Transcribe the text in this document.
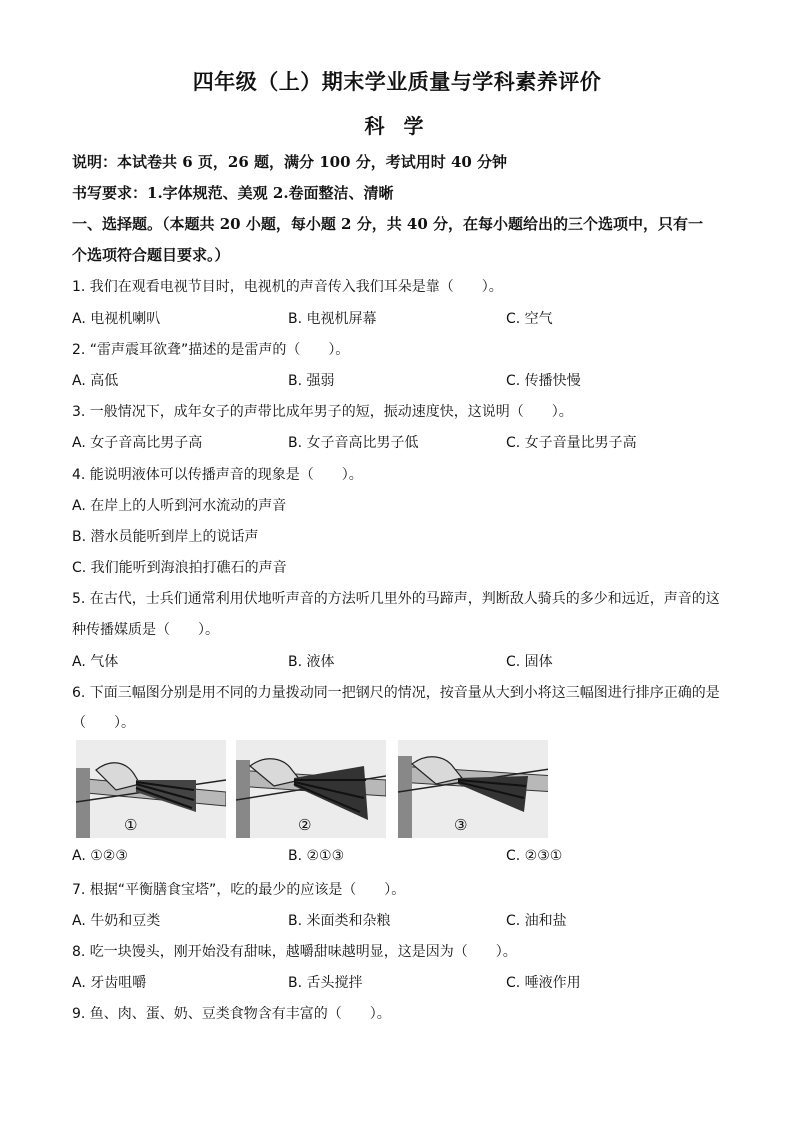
四年级（上）期末学业质量与学科素养评价
科 学
说明：本试卷共 6 页，26 题，满分 100 分，考试用时 40 分钟
书写要求：1.字体规范、美观 2.卷面整洁、清晰
一、选择题。（本题共 20 小题，每小题 2 分，共 40 分，在每小题给出的三个选项中，只有一
个选项符合题目要求。）
1. 我们在观看电视节目时，电视机的声音传入我们耳朵是靠（　　）。
A. 电视机喇叭	B. 电视机屏幕	C. 空气
2. “雷声震耳欲聋”描述的是雷声的（　　）。
A. 高低	B. 强弱	C. 传播快慢
3. 一般情况下，成年女子的声带比成年男子的短，振动速度快，这说明（　　）。
A. 女子音高比男子高	B. 女子音高比男子低	C. 女子音量比男子高
4. 能说明液体可以传播声音的现象是（　　）。
A. 在岸上的人听到河水流动的声音
B. 潜水员能听到岸上的说话声
C. 我们能听到海浪拍打礁石的声音
5. 在古代，士兵们通常利用伏地听声音的方法听几里外的马蹄声，判断敌人骑兵的多少和远近，声音的这
种传播媒质是（　　）。
A. 气体	B. 液体	C. 固体
6. 下面三幅图分别是用不同的力量拨动同一把钢尺的情况，按音量从大到小将这三幅图进行排序正确的是
（　　）。
①	②	③
A. ①②③	B. ②①③	C. ②③①
7. 根据“平衡膳食宝塔”，吃的最少的应该是（　　）。
A. 牛奶和豆类	B. 米面类和杂粮	C. 油和盐
8. 吃一块馒头，刚开始没有甜味，越嚼甜味越明显，这是因为（　　）。
A. 牙齿咀嚼	B. 舌头搅拌	C. 唾液作用
9. 鱼、肉、蛋、奶、豆类食物含有丰富的（　　）。
